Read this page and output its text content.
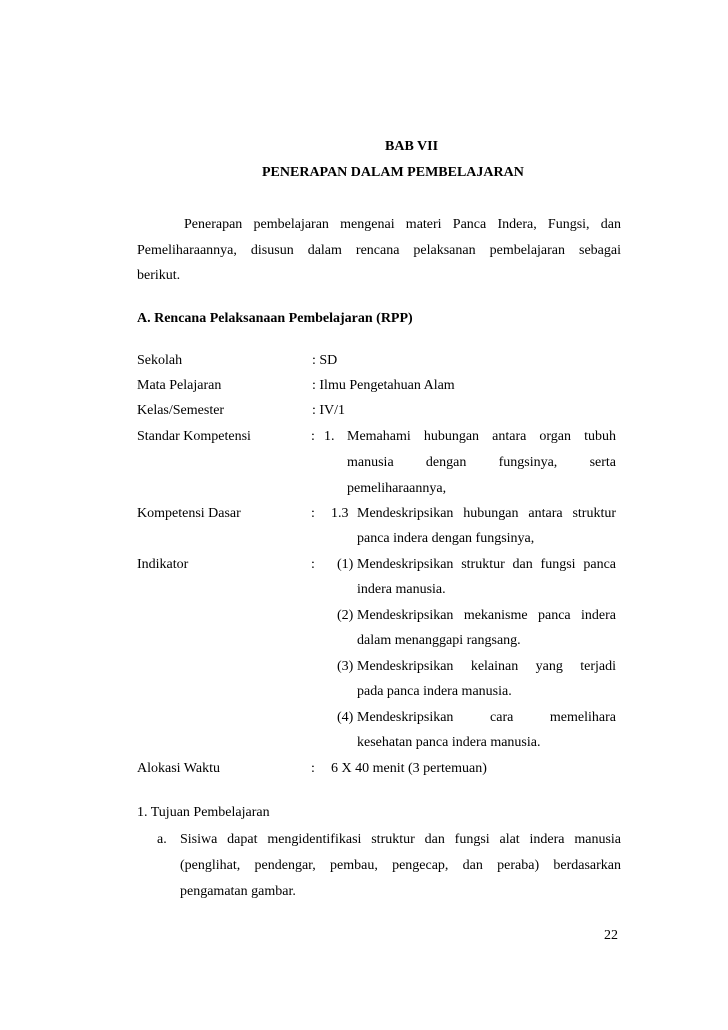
BAB VII
PENERAPAN DALAM PEMBELAJARAN
Penerapan pembelajaran mengenai materi Panca Indera, Fungsi, dan
Pemeliharaannya, disusun dalam rencana pelaksanan pembelajaran sebagai
berikut.
A. Rencana Pelaksanaan Pembelajaran (RPP)
Sekolah	: SD
Mata Pelajaran	: Ilmu Pengetahuan Alam
Kelas/Semester	: IV/1
Standar Kompetensi	: 1. Memahami hubungan antara organ tubuh
manusia dengan fungsinya, serta
pemeliharaannya,
Kompetensi Dasar	: 1.3 Mendeskripsikan hubungan antara struktur
panca indera dengan fungsinya,
Indikator	: (1) Mendeskripsikan struktur dan fungsi panca
indera manusia.
(2) Mendeskripsikan mekanisme panca indera
dalam menanggapi rangsang.
(3) Mendeskripsikan kelainan yang terjadi
pada panca indera manusia.
(4) Mendeskripsikan cara memelihara
kesehatan panca indera manusia.
Alokasi Waktu	: 6 X 40 menit (3 pertemuan)
1. Tujuan Pembelajaran
a. Sisiwa dapat mengidentifikasi struktur dan fungsi alat indera manusia
(penglihat, pendengar, pembau, pengecap, dan peraba) berdasarkan
pengamatan gambar.
22
